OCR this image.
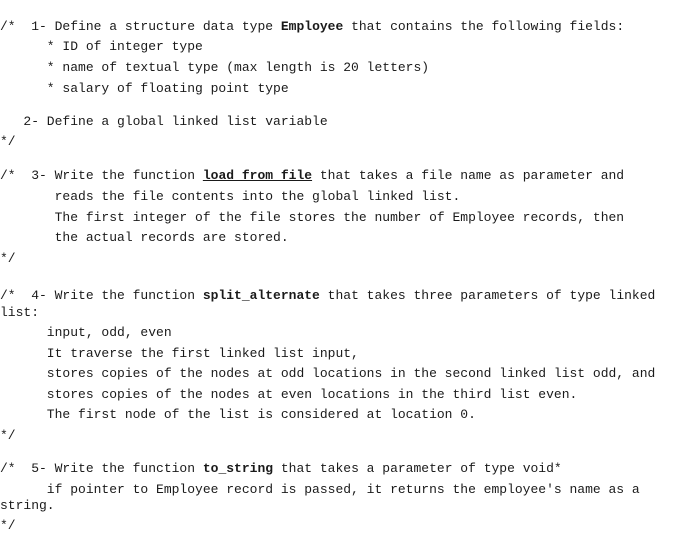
/*  1- Define a structure data type Employee that contains the following fields:
* ID of integer type
* name of textual type (max length is 20 letters)
* salary of floating point type
2- Define a global linked list variable
*/
/*  3- Write the function load_from_file that takes a file name as parameter and
reads the file contents into the global linked list.
The first integer of the file stores the number of Employee records, then
the actual records are stored.
*/
/*  4- Write the function split_alternate that takes three parameters of type linked
list:
input, odd, even
It traverse the first linked list input,
stores copies of the nodes at odd locations in the second linked list odd, and
stores copies of the nodes at even locations in the third list even.
The first node of the list is considered at location 0.
*/
/*  5- Write the function to_string that takes a parameter of type void*
if pointer to Employee record is passed, it returns the employee's name as a
string.
*/
